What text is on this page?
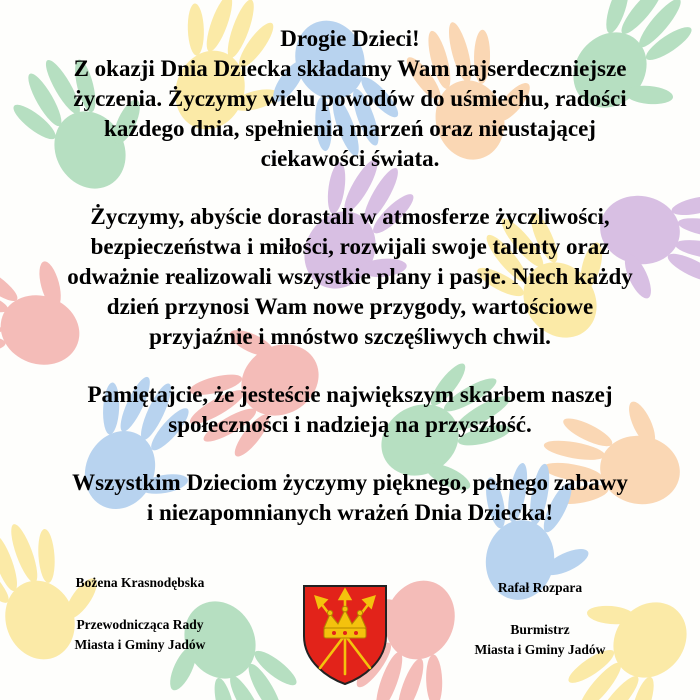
Drogie Dzieci!
Z okazji Dnia Dziecka składamy Wam najserdeczniejsze
życzenia. Życzymy wielu powodów do uśmiechu, radości
każdego dnia, spełnienia marzeń oraz nieustającej
ciekawości świata.

Życzymy, abyście dorastali w atmosferze życzliwości,
bezpieczeństwa i miłości, rozwijali swoje talenty oraz
odważnie realizowali wszystkie plany i pasje. Niech każdy
dzień przynosi Wam nowe przygody, wartościowe
przyjaźnie i mnóstwo szczęśliwych chwil.

Pamiętajcie, że jesteście największym skarbem naszej
społeczności i nadzieją na przyszłość.

Wszystkim Dzieciom życzymy pięknego, pełnego zabawy
i niezapomnianych wrażeń Dnia Dziecka!

Bożena Krasnodębska
Przewodnicząca Rady
Miasta i Gminy Jadów
Rafał Rozpara
Burmistrz
Miasta i Gminy Jadów
